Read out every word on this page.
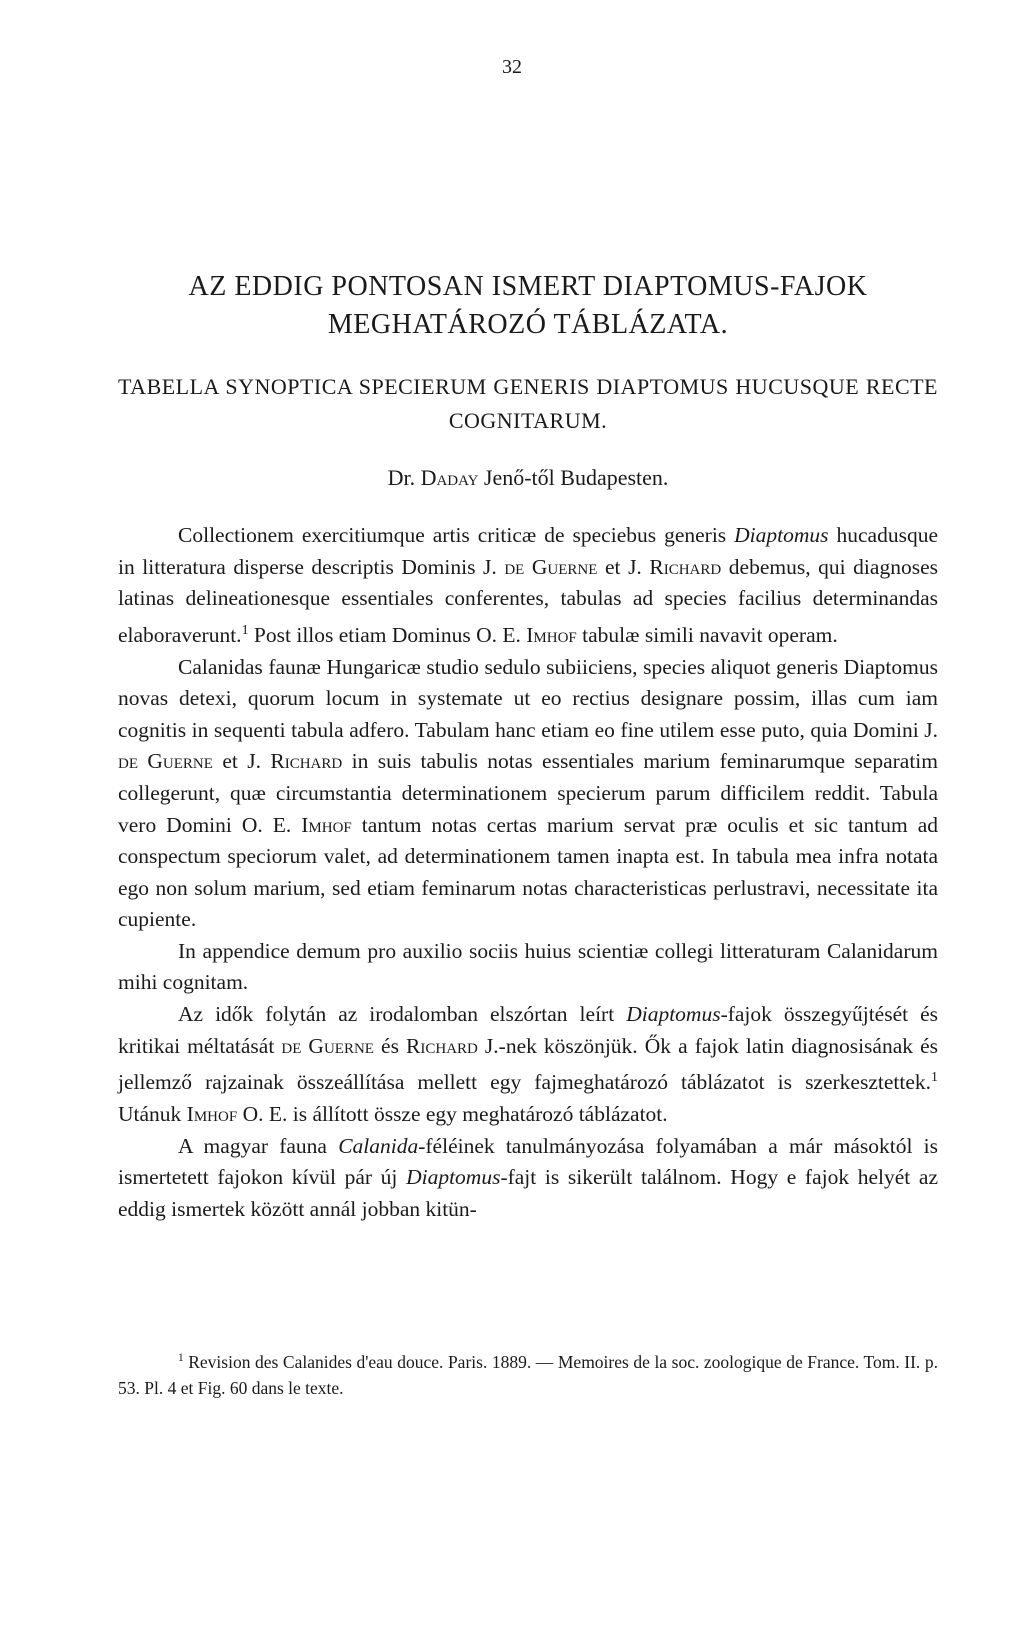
32
AZ EDDIG PONTOSAN ISMERT DIAPTOMUS-FAJOK
MEGHATÁROZÓ TÁBLÁZATA.
TABELLA SYNOPTICA SPECIERUM GENERIS DIAPTOMUS HUCUSQUE RECTE COGNITARUM.
Dr. Daday Jenő-től Budapesten.

Collectionem exercitiumque artis criticæ de speciebus generis Diaptomus hucadusque in litteratura disperse descriptis Dominis J. de Guerne et J. Richard debemus, qui diagnoses latinas delineationesque essentiales conferentes, tabulas ad species facilius determinandas elaboraverunt.$^1$ Post illos etiam Dominus O. E. Imhof tabulæ simili navavit operam.

Calanidas faunæ Hungaricæ studio sedulo subiiciens, species aliquot generis Diaptomus novas detexi, quorum locum in systemate ut eo rectius designare possim, illas cum iam cognitis in sequenti tabula adfero. Tabulam hanc etiam eo fine utilem esse puto, quia Domini J. de Guerne et J. Richard in suis tabulis notas essentiales marium feminarumque separatim collegerunt, quæ circumstantia determinationem specierum parum difficilem reddit. Tabula vero Domini O. E. Imhof tantum notas certas marium servat præ oculis et sic tantum ad conspectum speciorum valet, ad determinationem tamen inapta est. In tabula mea infra notata ego non solum marium, sed etiam feminarum notas characteristicas perlustravi, necessitate ita cupiente.

In appendice demum pro auxilio sociis huius scientiæ collegi litteraturam Calanidarum mihi cognitam.

Az idők folytán az irodalomban elszórtan leírt Diaptomus-fajok összegyűjtését és kritikai méltatását de Guerne és Richard J.-nek köszönjük. Ők a fajok latin diagnosisának és jellemző rajzainak összeállítása mellett egy fajmeghatározó táblázatot is szerkesztettek.$^1$ Utánuk Imhof O. E. is állított össze egy meghatározó táblázatot.

A magyar fauna Calanida-féléinek tanulmányozása folyamában a már másoktól is ismertetett fajokon kívül pár új Diaptomus-fajt is sikerült találnom. Hogy e fajok helyét az eddig ismertek között annál jobban kitün-

$^1$ Revision des Calanides d'eau douce. Paris. 1889. — Memoires de la soc. zoologique de France. Tom. II. p. 53. Pl. 4 et Fig. 60 dans le texte.
